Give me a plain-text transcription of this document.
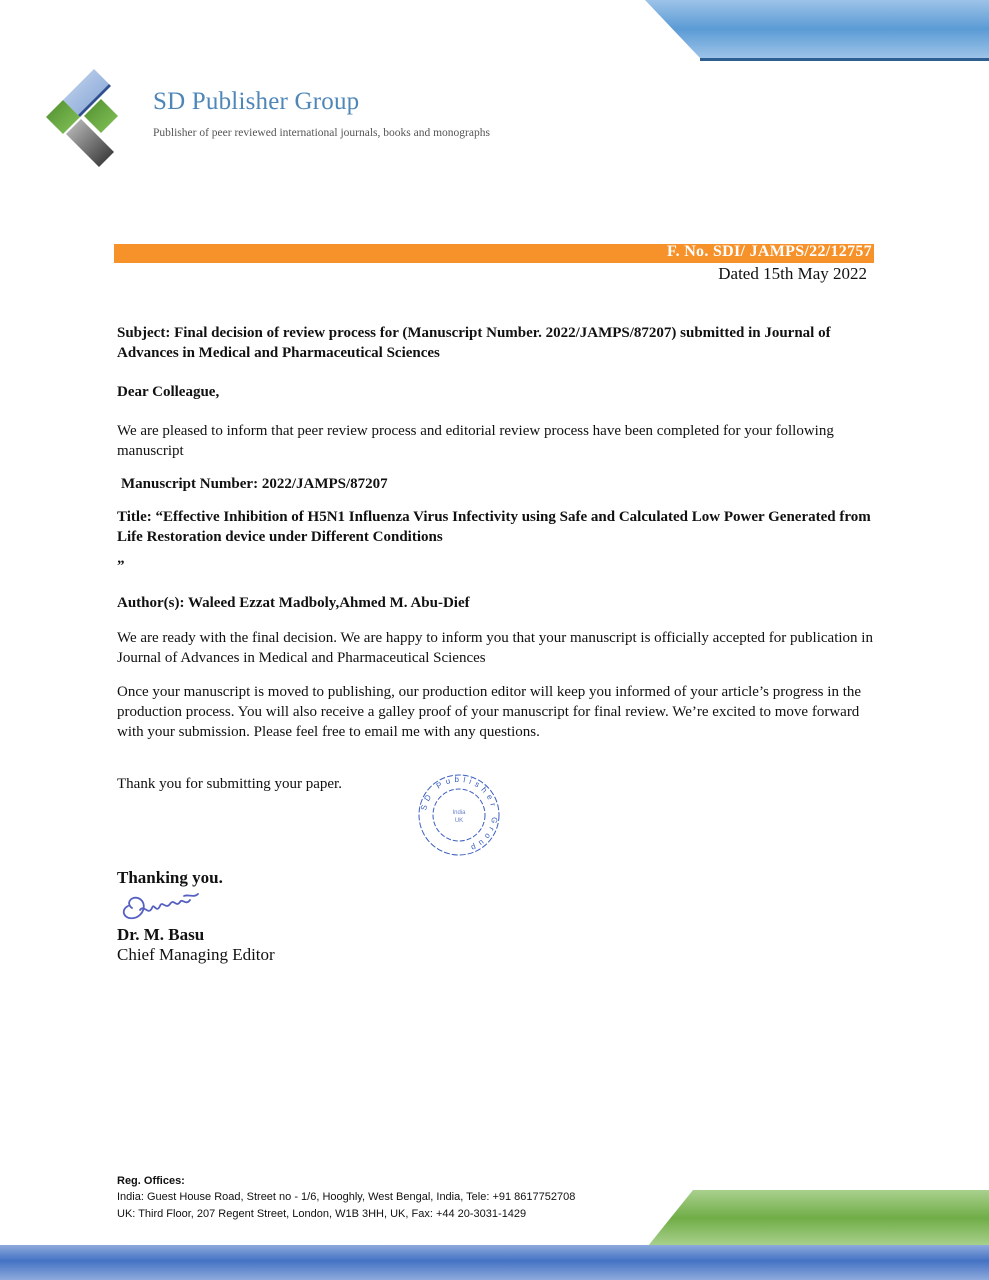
SD Publisher Group
Publisher of peer reviewed international journals, books and monographs
F. No. SDI/ JAMPS/22/12757
Dated 15th May 2022
Subject: Final decision of review process for (Manuscript Number. 2022/JAMPS/87207) submitted in Journal of Advances in Medical and Pharmaceutical Sciences
Dear Colleague,
We are pleased to inform that peer review process and editorial review process have been completed for your following manuscript
Manuscript Number: 2022/JAMPS/87207
Title: “Effective Inhibition of H5N1 Influenza Virus Infectivity using Safe and Calculated Low Power Generated from Life Restoration device under Different Conditions
”
Author(s): Waleed Ezzat Madboly,Ahmed M. Abu-Dief
We are ready with the final decision. We are happy to inform you that your manuscript is officially accepted for publication in Journal of Advances in Medical and Pharmaceutical Sciences
Once your manuscript is moved to publishing, our production editor will keep you informed of your article’s progress in the production process. You will also receive a galley proof of your manuscript for final review. We’re excited to move forward with your submission. Please feel free to email me with any questions.
Thank you for submitting your paper.
SD Publisher Group
India
UK
Thanking you.
Dr. M. Basu
Chief Managing Editor
Reg. Offices:
India: Guest House Road, Street no - 1/6, Hooghly, West Bengal, India, Tele: +91 8617752708
UK: Third Floor, 207 Regent Street, London, W1B 3HH, UK, Fax: +44 20-3031-1429
